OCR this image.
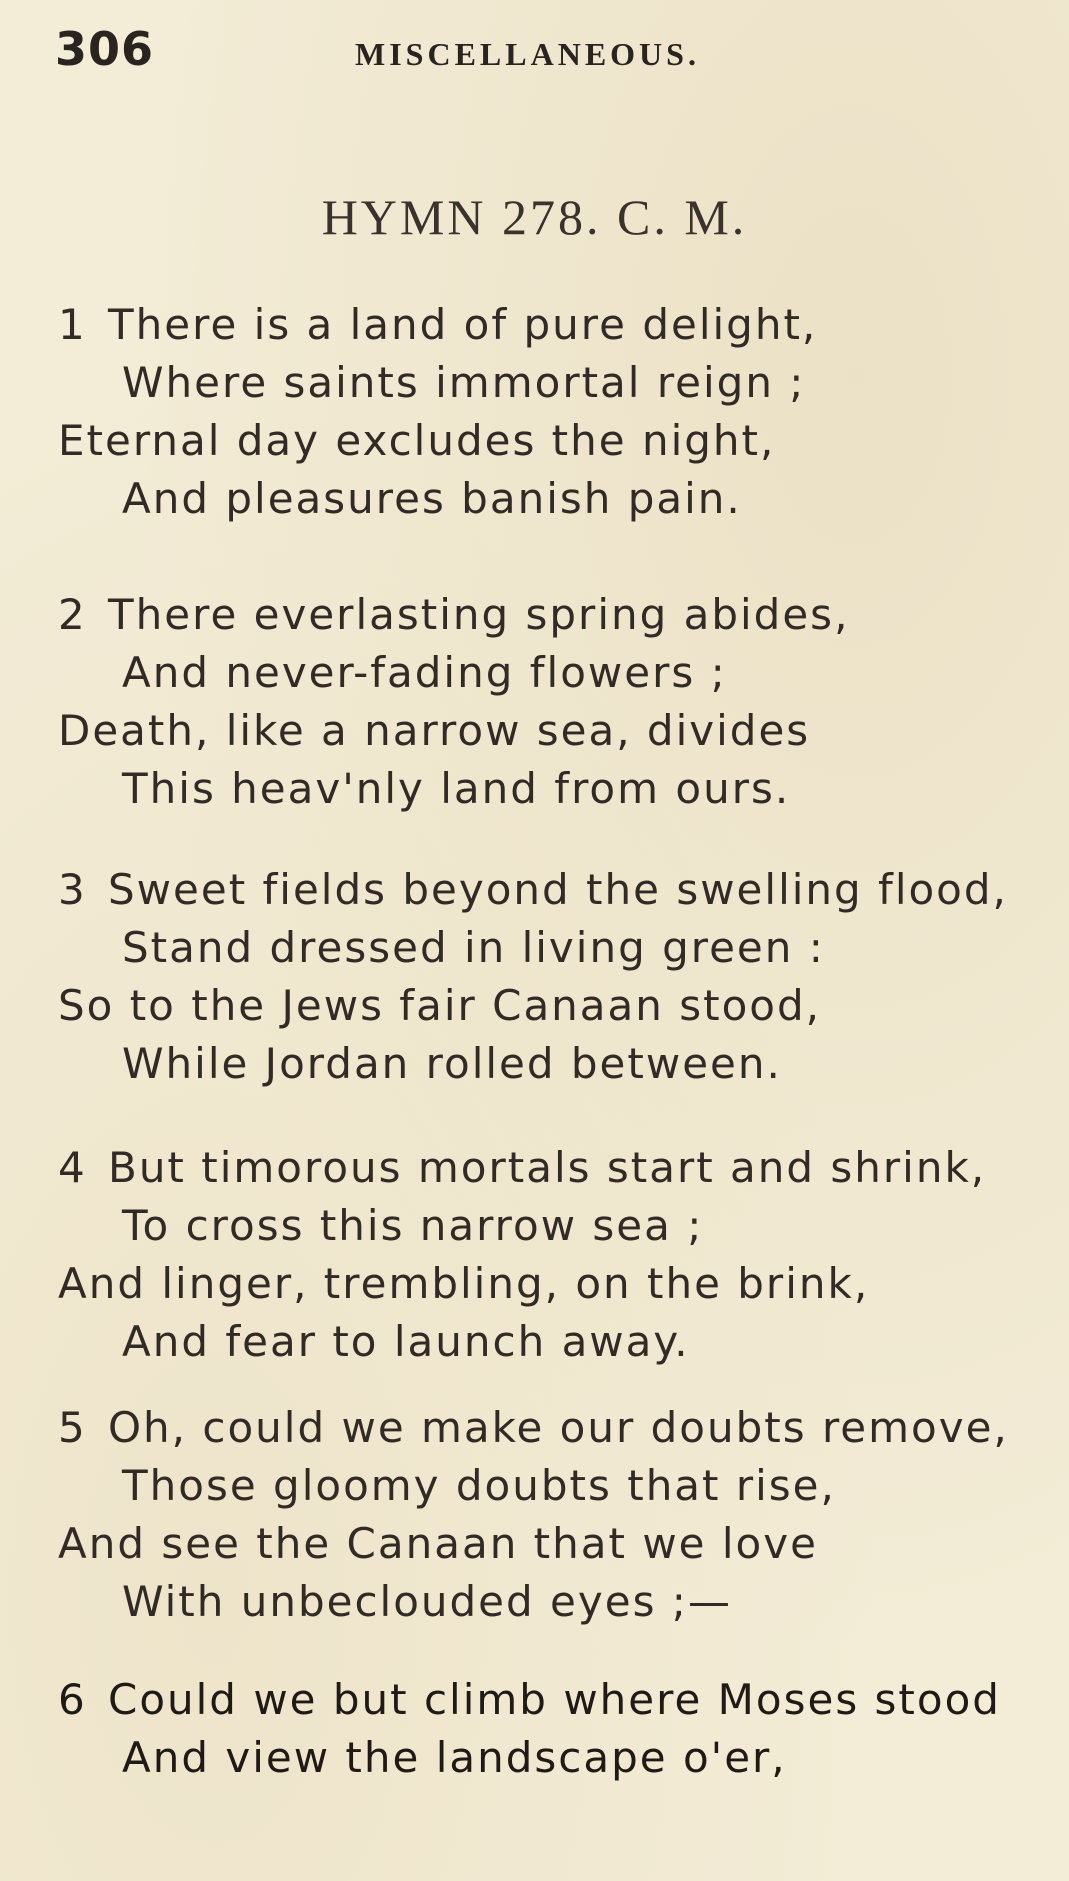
306	MISCELLANEOUS.
HYMN 278. C. M.
1 There is a land of pure delight,
Where saints immortal reign ;
Eternal day excludes the night,
And pleasures banish pain.
2 There everlasting spring abides,
And never-fading flowers ;
Death, like a narrow sea, divides
This heav'nly land from ours.
3 Sweet fields beyond the swelling flood,
Stand dressed in living green :
So to the Jews fair Canaan stood,
While Jordan rolled between.
4 But timorous mortals start and shrink,
To cross this narrow sea ;
And linger, trembling, on the brink,
And fear to launch away.
5 Oh, could we make our doubts remove,
Those gloomy doubts that rise,
And see the Canaan that we love
With unbeclouded eyes ;—
6 Could we but climb where Moses stood
And view the landscape o'er,
